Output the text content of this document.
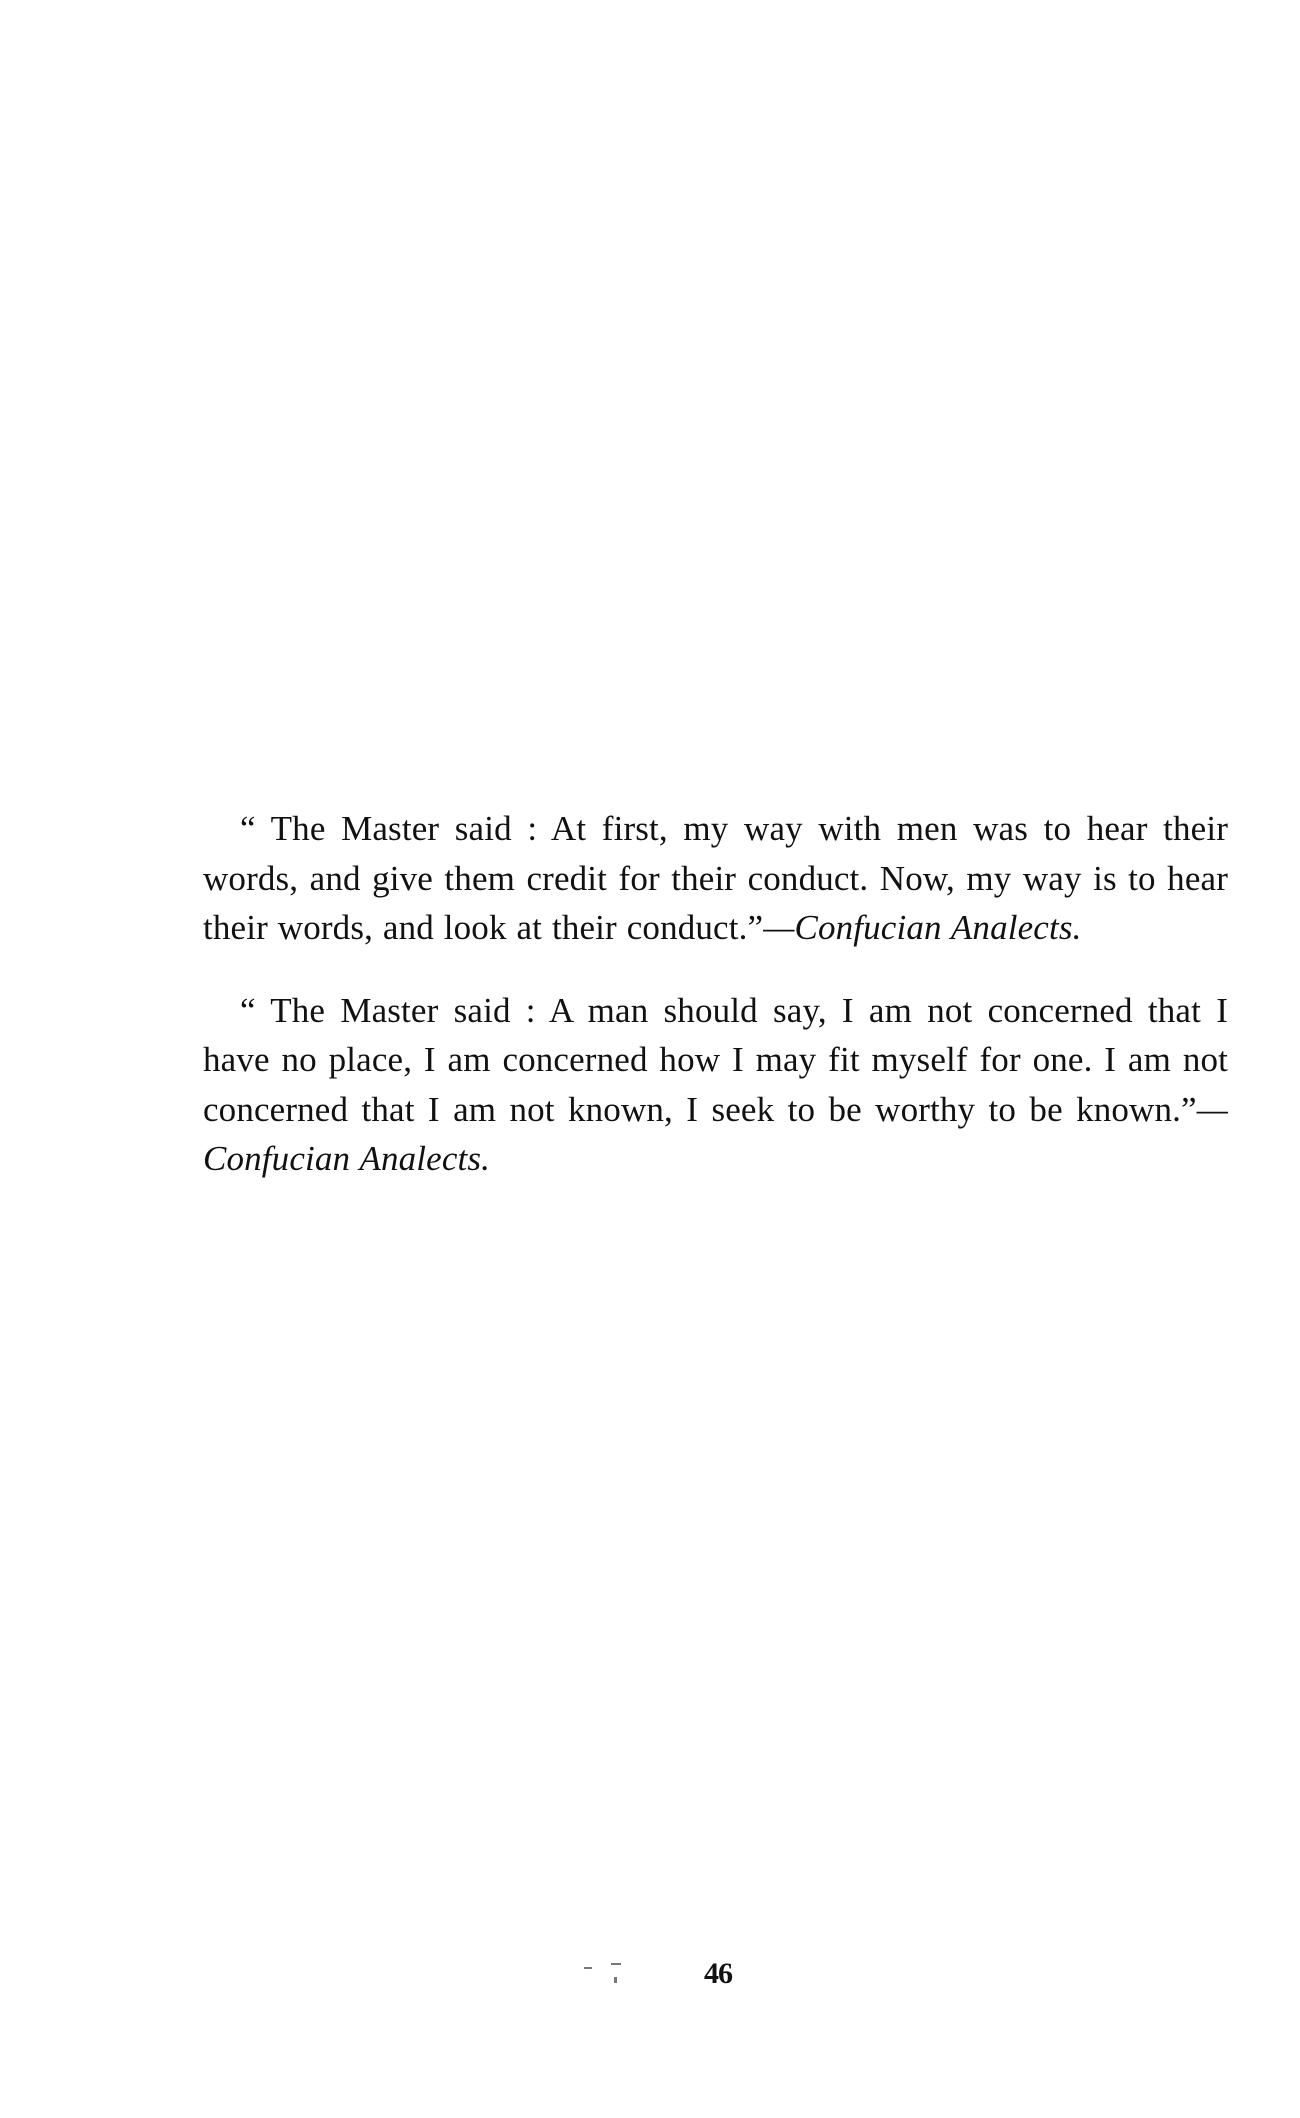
“ The Master said : At first, my way with men was to hear their words, and give them credit for their conduct. Now, my way is to hear their words, and look at their conduct.”—Confucian Analects.

“ The Master said : A man should say, I am not concerned that I have no place, I am concerned how I may fit myself for one. I am not concerned that I am not known, I seek to be worthy to be known.”—Confucian Analects.

46
